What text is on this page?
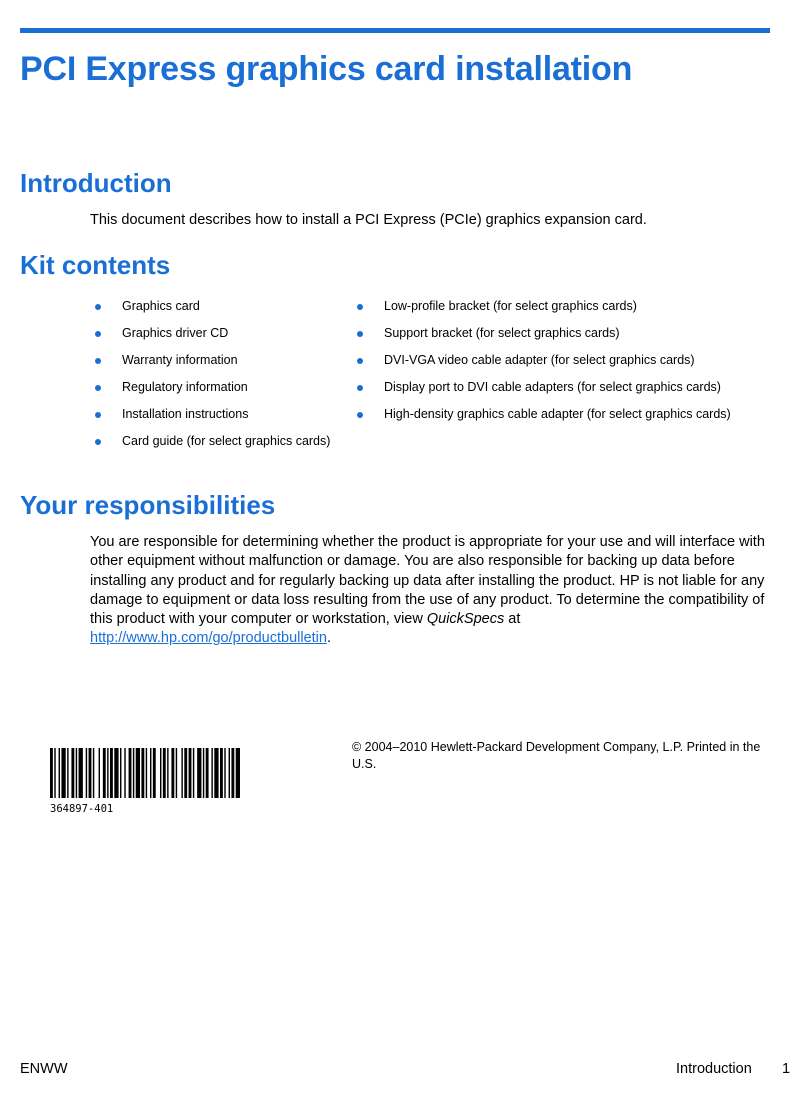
PCI Express graphics card installation
Introduction

This document describes how to install a PCI Express (PCIe) graphics expansion card.

Kit contents
Graphics card
Graphics driver CD
Warranty information
Regulatory information
Installation instructions
Card guide (for select graphics cards)
Low-profile bracket (for select graphics cards)
Support bracket (for select graphics cards)
DVI-VGA video cable adapter (for select graphics cards)
Display port to DVI cable adapters (for select graphics cards)
High-density graphics cable adapter (for select graphics cards)
Your responsibilities

You are responsible for determining whether the product is appropriate for your use and will interface with other equipment without malfunction or damage. You are also responsible for backing up data before installing any product and for regularly backing up data after installing the product. HP is not liable for any damage to equipment or data loss resulting from the use of any product. To determine the compatibility of this product with your computer or workstation, view QuickSpecs at
http://www.hp.com/go/productbulletin.

364897-401

© 2004–2010 Hewlett-Packard Development Company, L.P. Printed in the U.S.

ENWW	Introduction 1
